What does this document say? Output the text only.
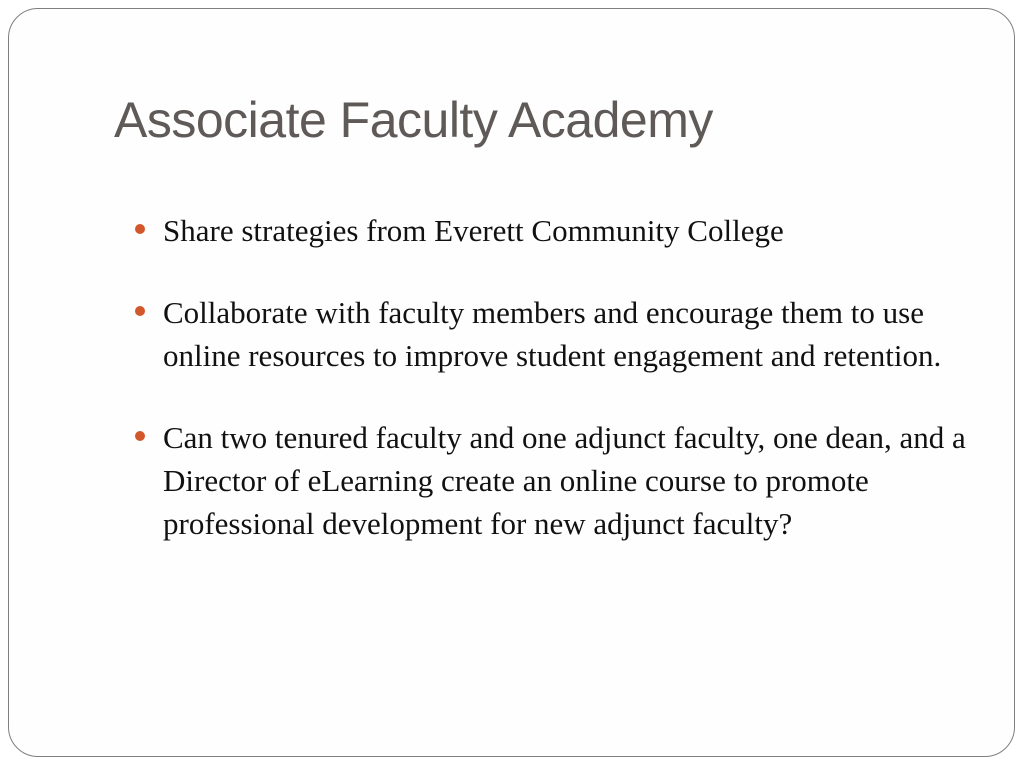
Associate Faculty Academy
Share strategies from Everett Community College
Collaborate with faculty members and encourage them to use online resources to improve student engagement and retention.
Can two tenured faculty and one adjunct faculty, one dean, and a Director of eLearning create an online course to promote professional development for new adjunct faculty?
